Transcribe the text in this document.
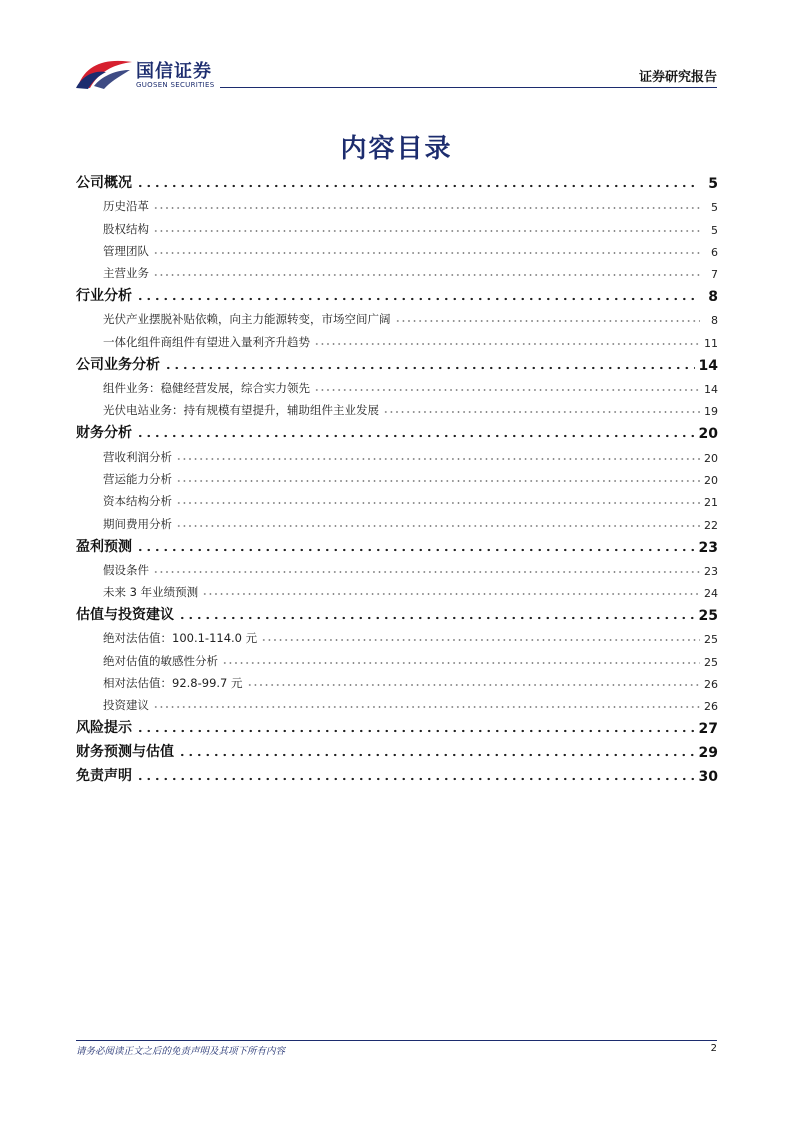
国信证券
GUOSEN SECURITIES	证券研究报告
内容目录
公司概况	5
历史沿革	5
股权结构	5
管理团队	6
主营业务	7
行业分析	8
光伏产业摆脱补贴依赖，向主力能源转变，市场空间广阔	8
一体化组件商组件有望进入量利齐升趋势	11
公司业务分析	14
组件业务：稳健经营发展，综合实力领先	14
光伏电站业务：持有规模有望提升，辅助组件主业发展	19
财务分析	20
营收利润分析	20
营运能力分析	20
资本结构分析	21
期间费用分析	22
盈利预测	23
假设条件	23
未来 3 年业绩预测	24
估值与投资建议	25
绝对法估值：100.1-114.0 元	25
绝对估值的敏感性分析	25
相对法估值：92.8-99.7 元	26
投资建议	26
风险提示	27
财务预测与估值	29
免责声明	30
请务必阅读正文之后的免责声明及其项下所有内容	2
